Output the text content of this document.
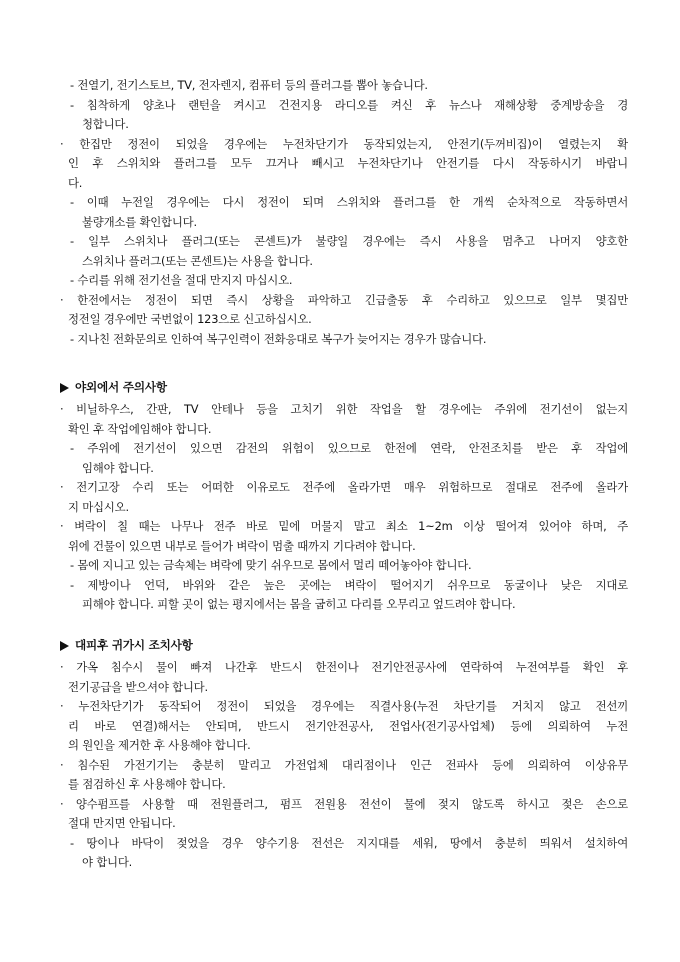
- 전열기, 전기스토브, TV, 전자렌지, 컴퓨터 등의 플러그를 뽑아 놓습니다.
- 침착하게 양초나 랜턴을 켜시고 건전지용 라디오를 켜신 후 뉴스나 재해상황 중계방송을 경
청합니다.
· 한집만 정전이 되었을 경우에는 누전차단기가 동작되었는지, 안전기(두꺼비집)이 열렸는지 확
인 후 스위치와 플러그를 모두 끄거나 빼시고 누전차단기나 안전기를 다시 작동하시기 바랍니
다.
- 이때 누전일 경우에는 다시 정전이 되며 스위치와 플러그를 한 개씩 순차적으로 작동하면서
불량개소를 확인합니다.
- 일부 스위치나 플러그(또는 콘센트)가 불량일 경우에는 즉시 사용을 멈추고 나머지 양호한
스위치나 플러그(또는 콘센트)는 사용을 합니다.
- 수리를 위해 전기선을 절대 만지지 마십시오.
· 한전에서는 정전이 되면 즉시 상황을 파악하고 긴급출동 후 수리하고 있으므로 일부 몇집만
정전일 경우에만 국번없이 123으로 신고하십시오.
- 지나친 전화문의로 인하여 복구인력이 전화응대로 복구가 늦어지는 경우가 많습니다.
야외에서 주의사항
· 비닐하우스, 간판, TV 안테나 등을 고치기 위한 작업을 할 경우에는 주위에 전기선이 없는지
확인 후 작업에임해야 합니다.
- 주위에 전기선이 있으면 감전의 위험이 있으므로 한전에 연락, 안전조치를 받은 후 작업에
임해야 합니다.
· 전기고장 수리 또는 어떠한 이유로도 전주에 올라가면 매우 위험하므로 절대로 전주에 올라가
지 마십시오.
· 벼락이 칠 때는 나무나 전주 바로 밑에 머물지 말고 최소 1~2m 이상 떨어져 있어야 하며, 주
위에 건물이 있으면 내부로 들어가 벼락이 멈출 때까지 기다려야 합니다.
- 몸에 지니고 있는 금속체는 벼락에 맞기 쉬우므로 몸에서 멀리 떼어놓아야 합니다.
- 제방이나 언덕, 바위와 같은 높은 곳에는 벼락이 떨어지기 쉬우므로 동굴이나 낮은 지대로
피해야 합니다. 피할 곳이 없는 평지에서는 몸을 굽히고 다리를 오무리고 엎드려야 합니다.
대피후 귀가시 조치사항
· 가옥 침수시 물이 빠져 나간후 반드시 한전이나 전기안전공사에 연락하여 누전여부를 확인 후
전기공급을 받으셔야 합니다.
· 누전차단기가 동작되어 정전이 되었을 경우에는 직결사용(누전 차단기를 거치지 않고 전선끼
리 바로 연결)해서는 안되며, 반드시 전기안전공사, 전업사(전기공사업체) 등에 의뢰하여 누전
의 원인을 제거한 후 사용해야 합니다.
· 침수된 가전기기는 충분히 말리고 가전업체 대리점이나 인근 전파사 등에 의뢰하여 이상유무
를 점검하신 후 사용해야 합니다.
· 양수펌프를 사용할 때 전원플러그, 펌프 전원용 전선이 물에 젖지 않도록 하시고 젖은 손으로
절대 만지면 안됩니다.
- 땅이나 바닥이 젖었을 경우 양수기용 전선은 지지대를 세워, 땅에서 충분히 띄워서 설치하여
야 합니다.
